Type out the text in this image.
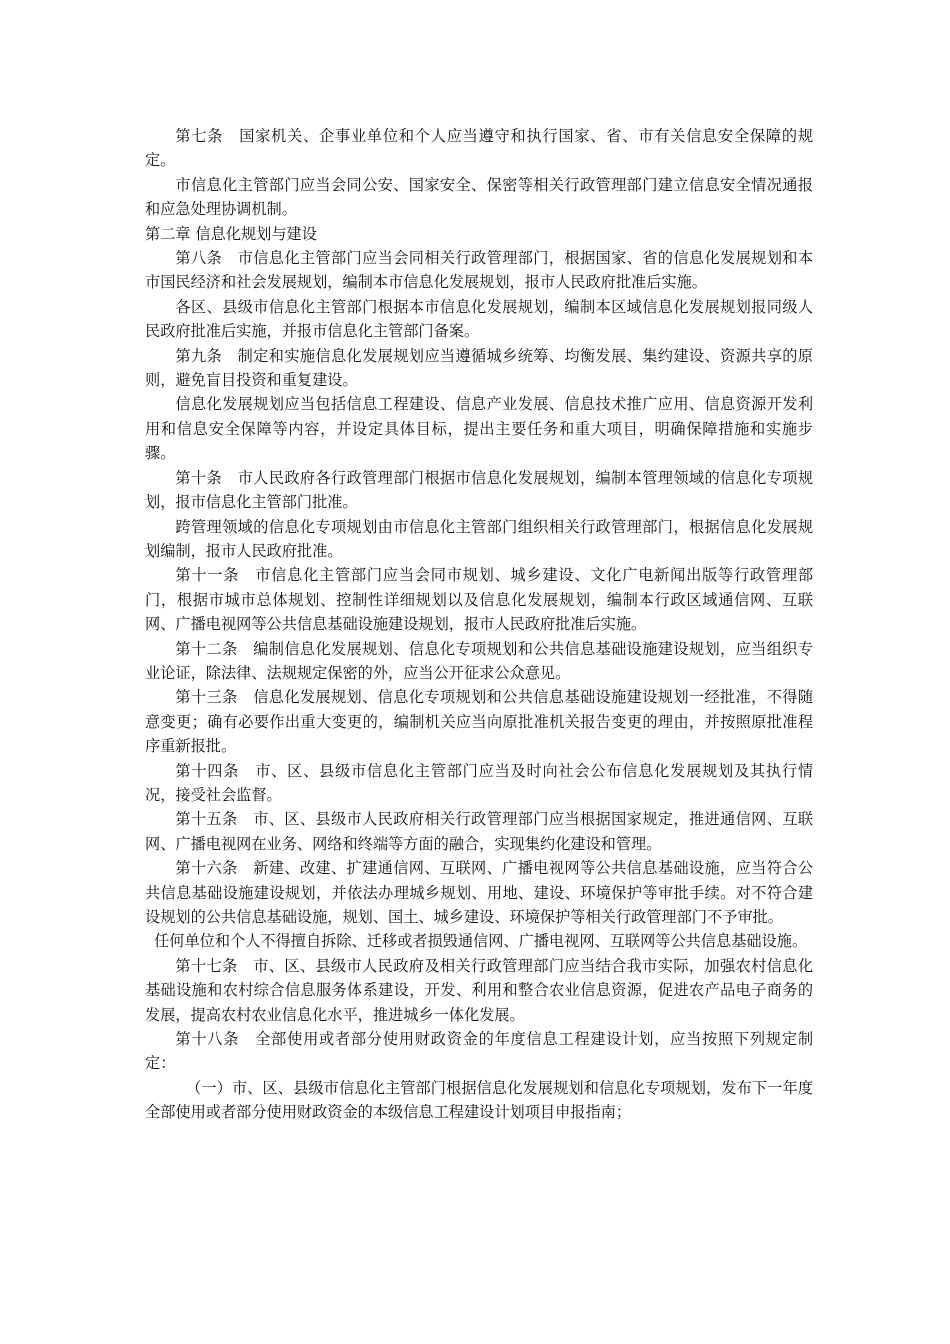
第七条　国家机关、企事业单位和个人应当遵守和执行国家、省、市有关信息安全保障的规定。

市信息化主管部门应当会同公安、国家安全、保密等相关行政管理部门建立信息安全情况通报和应急处理协调机制。

第二章 信息化规划与建设

第八条　市信息化主管部门应当会同相关行政管理部门，根据国家、省的信息化发展规划和本市国民经济和社会发展规划，编制本市信息化发展规划，报市人民政府批准后实施。

各区、县级市信息化主管部门根据本市信息化发展规划，编制本区域信息化发展规划报同级人民政府批准后实施，并报市信息化主管部门备案。

第九条　制定和实施信息化发展规划应当遵循城乡统筹、均衡发展、集约建设、资源共享的原则，避免盲目投资和重复建设。

信息化发展规划应当包括信息工程建设、信息产业发展、信息技术推广应用、信息资源开发利用和信息安全保障等内容，并设定具体目标，提出主要任务和重大项目，明确保障措施和实施步骤。

第十条　市人民政府各行政管理部门根据市信息化发展规划，编制本管理领域的信息化专项规划，报市信息化主管部门批准。

跨管理领域的信息化专项规划由市信息化主管部门组织相关行政管理部门，根据信息化发展规划编制，报市人民政府批准。

第十一条　市信息化主管部门应当会同市规划、城乡建设、文化广电新闻出版等行政管理部门，根据市城市总体规划、控制性详细规划以及信息化发展规划，编制本行政区域通信网、互联网、广播电视网等公共信息基础设施建设规划，报市人民政府批准后实施。

第十二条　编制信息化发展规划、信息化专项规划和公共信息基础设施建设规划，应当组织专业论证，除法律、法规规定保密的外，应当公开征求公众意见。

第十三条　信息化发展规划、信息化专项规划和公共信息基础设施建设规划一经批准，不得随意变更；确有必要作出重大变更的，编制机关应当向原批准机关报告变更的理由，并按照原批准程序重新报批。

第十四条　市、区、县级市信息化主管部门应当及时向社会公布信息化发展规划及其执行情况，接受社会监督。

第十五条　市、区、县级市人民政府相关行政管理部门应当根据国家规定，推进通信网、互联网、广播电视网在业务、网络和终端等方面的融合，实现集约化建设和管理。

第十六条　新建、改建、扩建通信网、互联网、广播电视网等公共信息基础设施，应当符合公共信息基础设施建设规划，并依法办理城乡规划、用地、建设、环境保护等审批手续。对不符合建设规划的公共信息基础设施，规划、国土、城乡建设、环境保护等相关行政管理部门不予审批。

任何单位和个人不得擅自拆除、迁移或者损毁通信网、广播电视网、互联网等公共信息基础设施。

第十七条　市、区、县级市人民政府及相关行政管理部门应当结合我市实际，加强农村信息化基础设施和农村综合信息服务体系建设，开发、利用和整合农业信息资源，促进农产品电子商务的发展，提高农村农业信息化水平，推进城乡一体化发展。

第十八条　全部使用或者部分使用财政资金的年度信息工程建设计划，应当按照下列规定制定：

（一）市、区、县级市信息化主管部门根据信息化发展规划和信息化专项规划，发布下一年度全部使用或者部分使用财政资金的本级信息工程建设计划项目申报指南；
